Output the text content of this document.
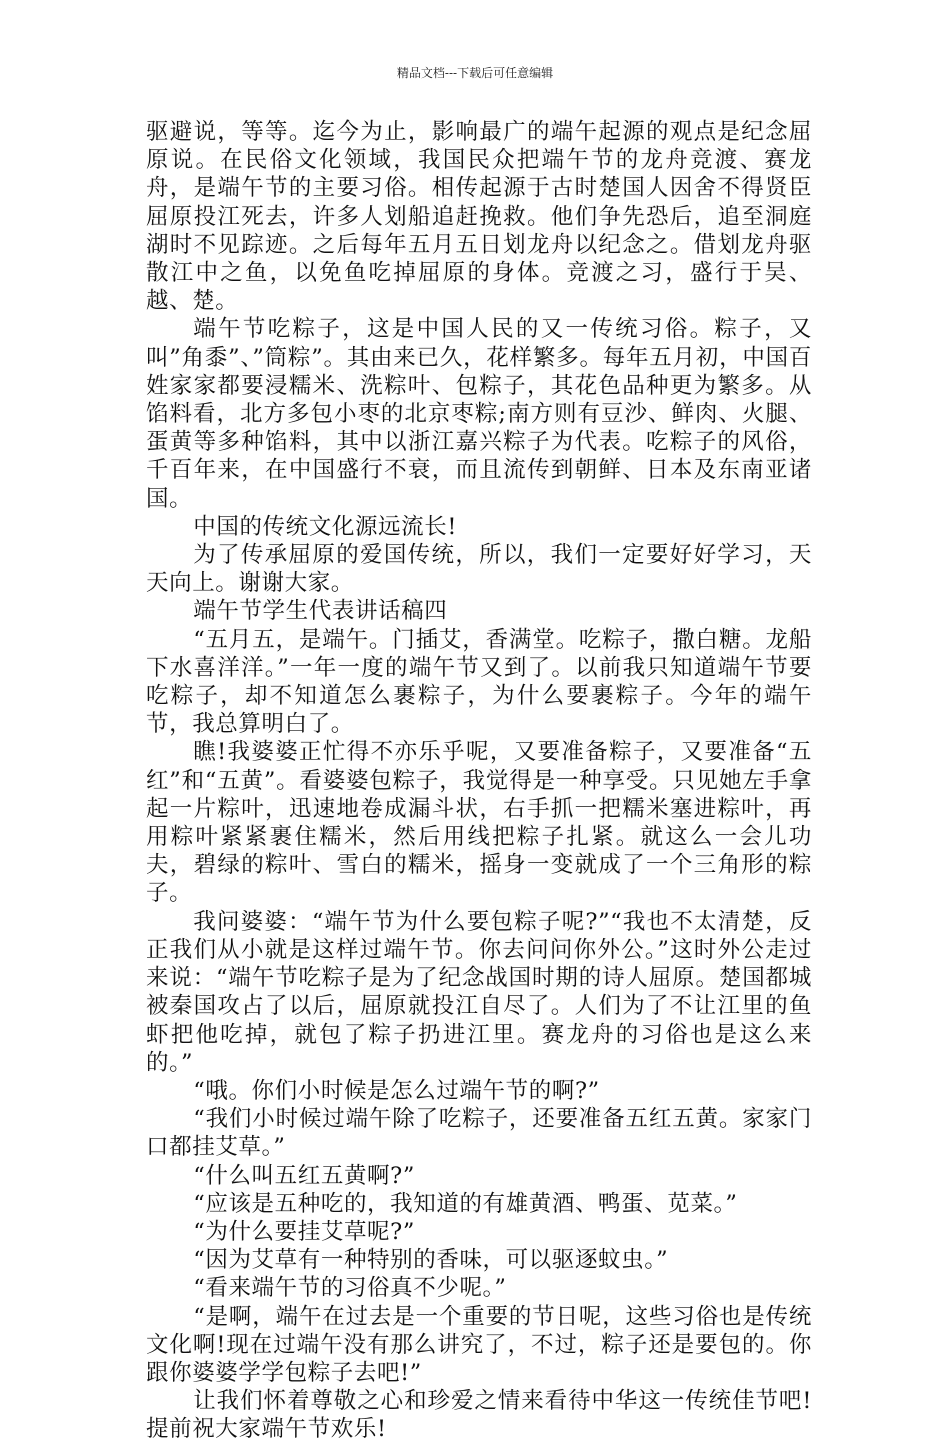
精品文档---下载后可任意编辑

驱避说，等等。迄今为止，影响最广的端午起源的观点是纪念屈原说。在民俗文化领域，我国民众把端午节的龙舟竞渡、赛龙舟，是端午节的主要习俗。相传起源于古时楚国人因舍不得贤臣屈原投江死去，许多人划船追赶挽救。他们争先恐后，追至洞庭湖时不见踪迹。之后每年五月五日划龙舟以纪念之。借划龙舟驱散江中之鱼，以免鱼吃掉屈原的身体。竞渡之习，盛行于吴、越、楚。

端午节吃粽子，这是中国人民的又一传统习俗。粽子，又叫”角黍”、”筒粽”。其由来已久，花样繁多。每年五月初，中国百姓家家都要浸糯米、洗粽叶、包粽子，其花色品种更为繁多。从馅料看，北方多包小枣的北京枣粽;南方则有豆沙、鲜肉、火腿、蛋黄等多种馅料，其中以浙江嘉兴粽子为代表。吃粽子的风俗，千百年来，在中国盛行不衰，而且流传到朝鲜、日本及东南亚诸国。

中国的传统文化源远流长!

为了传承屈原的爱国传统，所以，我们一定要好好学习，天天向上。谢谢大家。

端午节学生代表讲话稿四

“五月五，是端午。门插艾，香满堂。吃粽子，撒白糖。龙船下水喜洋洋。”一年一度的端午节又到了。以前我只知道端午节要吃粽子，却不知道怎么裹粽子，为什么要裹粽子。今年的端午节，我总算明白了。

瞧!我婆婆正忙得不亦乐乎呢，又要准备粽子，又要准备“五红”和“五黄”。看婆婆包粽子，我觉得是一种享受。只见她左手拿起一片粽叶，迅速地卷成漏斗状，右手抓一把糯米塞进粽叶，再用粽叶紧紧裹住糯米，然后用线把粽子扎紧。就这么一会儿功夫，碧绿的粽叶、雪白的糯米，摇身一变就成了一个三角形的粽子。

我问婆婆：“端午节为什么要包粽子呢?”“我也不太清楚，反正我们从小就是这样过端午节。你去问问你外公。”这时外公走过来说：“端午节吃粽子是为了纪念战国时期的诗人屈原。楚国都城被秦国攻占了以后，屈原就投江自尽了。人们为了不让江里的鱼虾把他吃掉，就包了粽子扔进江里。赛龙舟的习俗也是这么来的。”

“哦。你们小时候是怎么过端午节的啊?”

“我们小时候过端午除了吃粽子，还要准备五红五黄。家家门口都挂艾草。”

“什么叫五红五黄啊?”

“应该是五种吃的，我知道的有雄黄酒、鸭蛋、苋菜。”

“为什么要挂艾草呢?”

“因为艾草有一种特别的香味，可以驱逐蚊虫。”

“看来端午节的习俗真不少呢。”

“是啊，端午在过去是一个重要的节日呢，这些习俗也是传统文化啊!现在过端午没有那么讲究了，不过，粽子还是要包的。你跟你婆婆学学包粽子去吧!”

让我们怀着尊敬之心和珍爱之情来看待中华这一传统佳节吧!提前祝大家端午节欢乐!
